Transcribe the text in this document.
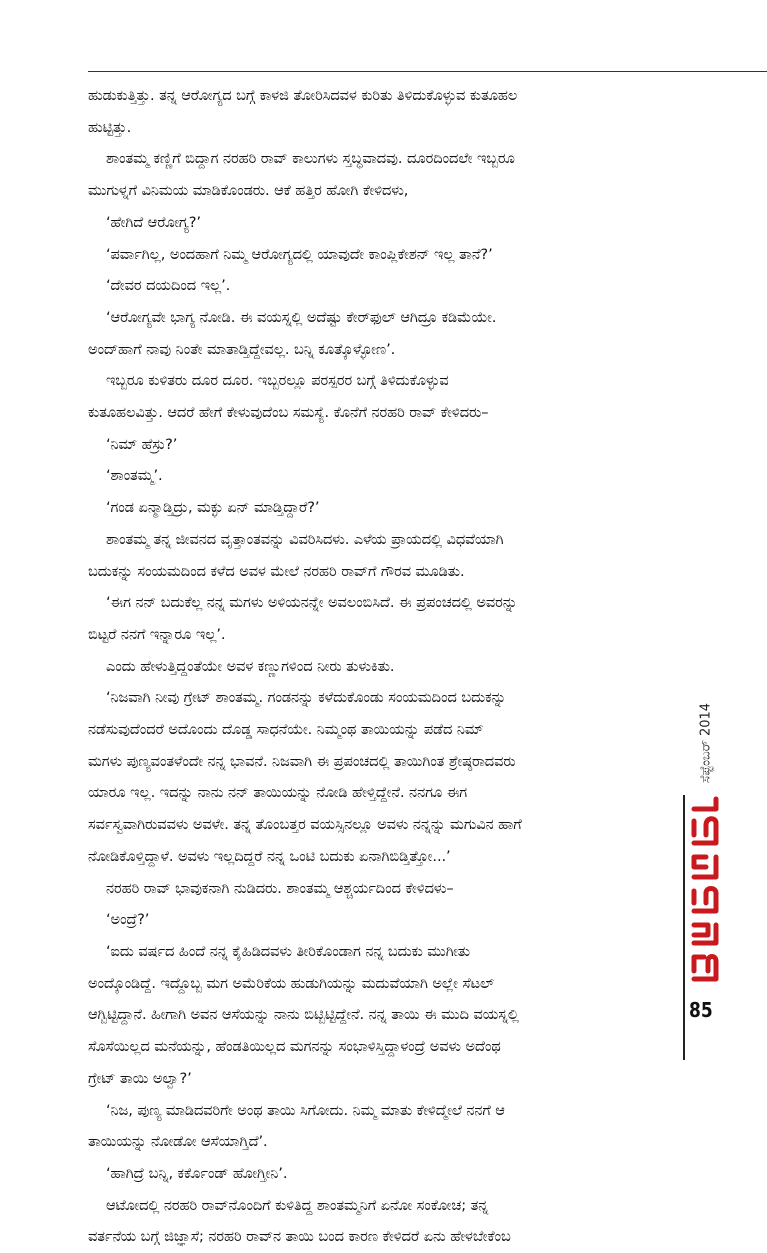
ಹುಡುಕುತ್ತಿತ್ತು. ತನ್ನ ಆರೋಗ್ಯದ ಬಗ್ಗೆ ಕಾಳಜಿ ತೋರಿಸಿದವಳ ಕುರಿತು ತಿಳಿದುಕೊಳ್ಳುವ ಕುತೂಹಲ

ಹುಟ್ಟಿತ್ತು.

ಶಾಂತಮ್ಮ ಕಣ್ಣಿಗೆ ಬಿದ್ದಾಗ ನರಹರಿ ರಾವ್ ಕಾಲುಗಳು ಸ್ತಬ್ಧವಾದವು. ದೂರದಿಂದಲೇ ಇಬ್ಬರೂ

ಮುಗುಳ್ನಗೆ ವಿನಿಮಯ ಮಾಡಿಕೊಂಡರು. ಆಕೆ ಹತ್ತಿರ ಹೋಗಿ ಕೇಳಿದಳು,

‘ಹೇಗಿದೆ ಆರೋಗ್ಯ?’

‘ಪರ್ವಾಗಿಲ್ಲ, ಅಂದಹಾಗೆ ನಿಮ್ಮ ಆರೋಗ್ಯದಲ್ಲಿ ಯಾವುದೇ ಕಾಂಪ್ಲಿಕೇಶನ್ ಇಲ್ಲ ತಾನೆ?’

‘ದೇವರ ದಯದಿಂದ ಇಲ್ಲ’.

‘ಆರೋಗ್ಯವೇ ಭಾಗ್ಯ ನೋಡಿ. ಈ ವಯಸ್ನಲ್ಲಿ ಅದೆಷ್ಟು ಕೇರ್‌ಫುಲ್ ಆಗಿದ್ರೂ ಕಡಿಮೆಯೇ.

ಅಂದ್‌ಹಾಗೆ ನಾವು ನಿಂತೇ ಮಾತಾಡ್ತಿದ್ದೇವಲ್ಲ. ಬನ್ನಿ ಕೂತ್ಕೊಳ್ಳೋಣ’.

ಇಬ್ಬರೂ ಕುಳಿತರು ದೂರ ದೂರ. ಇಬ್ಬರಲ್ಲೂ ಪರಸ್ಪರರ ಬಗ್ಗೆ ತಿಳಿದುಕೊಳ್ಳುವ

ಕುತೂಹಲವಿತ್ತು. ಆದರೆ ಹೇಗೆ ಕೇಳುವುದೆಂಬ ಸಮಸ್ಯೆ. ಕೊನೆಗೆ ನರಹರಿ ರಾವ್ ಕೇಳಿದರು–

‘ನಿಮ್ ಹೆಸ್ರು?’

‘ಶಾಂತಮ್ಮ’.

‘ಗಂಡ ಏನ್ಮಾಡ್ತಿದ್ರು, ಮಕ್ಳು ಏನ್ ಮಾಡ್ತಿದ್ದಾರೆ?’

ಶಾಂತಮ್ಮ ತನ್ನ ಜೀವನದ ವೃತ್ತಾಂತವನ್ನು ವಿವರಿಸಿದಳು. ಎಳೆಯ ಪ್ರಾಯದಲ್ಲಿ ವಿಧವೆಯಾಗಿ

ಬದುಕನ್ನು ಸಂಯಮದಿಂದ ಕಳೆದ ಅವಳ ಮೇಲೆ ನರಹರಿ ರಾವ್‌ಗೆ ಗೌರವ ಮೂಡಿತು.

‘ಈಗ ನನ್ ಬದುಕೆಲ್ಲ ನನ್ನ ಮಗಳು ಅಳಿಯನನ್ನೇ ಅವಲಂಬಿಸಿದೆ. ಈ ಪ್ರಪಂಚದಲ್ಲಿ ಅವರನ್ನು

ಬಿಟ್ಟರೆ ನನಗೆ ಇನ್ನಾರೂ ಇಲ್ಲ’.

ಎಂದು ಹೇಳುತ್ತಿದ್ದಂತೆಯೇ ಅವಳ ಕಣ್ಣುಗಳಿಂದ ನೀರು ತುಳುಕಿತು.

‘ನಿಜವಾಗಿ ನೀವು ಗ್ರೇಟ್ ಶಾಂತಮ್ಮ. ಗಂಡನನ್ನು ಕಳೆದುಕೊಂಡು ಸಂಯಮದಿಂದ ಬದುಕನ್ನು

ನಡೆಸುವುದೆಂದರೆ ಅದೊಂದು ದೊಡ್ಡ ಸಾಧನೆಯೇ. ನಿಮ್ಮಂಥ ತಾಯಿಯನ್ನು ಪಡೆದ ನಿಮ್

ಮಗಳು ಪುಣ್ಯವಂತಳೆಂದೇ ನನ್ನ ಭಾವನೆ. ನಿಜವಾಗಿ ಈ ಪ್ರಪಂಚದಲ್ಲಿ ತಾಯಿಗಿಂತ ಶ್ರೇಷ್ಠರಾದವರು

ಯಾರೂ ಇಲ್ಲ. ಇದನ್ನು ನಾನು ನನ್ ತಾಯಿಯನ್ನು ನೋಡಿ ಹೇಳ್ತಿದ್ದೇನೆ. ನನಗೂ ಈಗ

ಸರ್ವಸ್ವವಾಗಿರುವವಳು ಅವಳೇ. ತನ್ನ ತೊಂಬತ್ತರ ವಯಸ್ಸಿನಲ್ಲೂ ಅವಳು ನನ್ನನ್ನು ಮಗುವಿನ ಹಾಗೆ

ನೋಡಿಕೊಳ್ತಿದ್ದಾಳೆ. ಅವಳು ಇಲ್ಲದಿದ್ದರೆ ನನ್ನ ಒಂಟಿ ಬದುಕು ಏನಾಗಿಬಿಡ್ತಿತ್ತೋ...’

ನರಹರಿ ರಾವ್ ಭಾವುಕನಾಗಿ ನುಡಿದರು. ಶಾಂತಮ್ಮ ಆಶ್ಚರ್ಯದಿಂದ ಕೇಳಿದಳು–

‘ಅಂದ್ರೆ?’

‘ಐದು ವರ್ಷದ ಹಿಂದೆ ನನ್ನ ಕೈಹಿಡಿದವಳು ತೀರಿಕೊಂಡಾಗ ನನ್ನ ಬದುಕು ಮುಗೀತು

ಅಂದ್ಕೊಂಡಿದ್ದೆ. ಇದ್ದೊಬ್ಬ ಮಗ ಅಮೆರಿಕೆಯ ಹುಡುಗಿಯನ್ನು ಮದುವೆಯಾಗಿ ಅಲ್ಲೇ ಸೆಟಲ್

ಆಗ್ಬಿಟ್ಟಿದ್ದಾನೆ. ಹೀಗಾಗಿ ಅವನ ಆಸೆಯನ್ನು ನಾನು ಬಿಟ್ಬಿಟ್ಟಿದ್ದೇನೆ. ನನ್ನ ತಾಯಿ ಈ ಮುದಿ ವಯಸ್ನಲ್ಲಿ

ಸೊಸೆಯಿಲ್ಲದ ಮನೆಯನ್ನು, ಹೆಂಡತಿಯಿಲ್ಲದ ಮಗನನ್ನು ಸಂಭಾಳಿಸ್ತಿದ್ದಾಳಂದ್ರೆ ಅವಳು ಅದೆಂಥ

ಗ್ರೇಟ್ ತಾಯಿ ಅಲ್ವಾ?’

‘ನಿಜ, ಪುಣ್ಯ ಮಾಡಿದವರಿಗೇ ಅಂಥ ತಾಯಿ ಸಿಗೋದು. ನಿಮ್ಮ ಮಾತು ಕೇಳಿದ್ಮೇಲೆ ನನಗೆ ಆ

ತಾಯಿಯನ್ನು ನೋಡೋ ಆಸೆಯಾಗ್ತಿದೆ’.

‘ಹಾಗಿದ್ರೆ ಬನ್ನಿ, ಕರ್ಕೊಂಡ್ ಹೋಗ್ತೀನಿ’.

ಆಟೋದಲ್ಲಿ ನರಹರಿ ರಾವ್‌ನೊಂದಿಗೆ ಕುಳಿತಿದ್ದ ಶಾಂತಮ್ಮನಿಗೆ ಏನೋ ಸಂಕೋಚ; ತನ್ನ

ವರ್ತನೆಯ ಬಗ್ಗೆ ಜಿಜ್ಞಾಸೆ; ನರಹರಿ ರಾವ್‌ನ ತಾಯಿ ಬಂದ ಕಾರಣ ಕೇಳಿದರೆ ಏನು ಹೇಳಬೇಕೆಂಬ

ಸೆಪ್ಟೆಂಬರ್ 2014
85
